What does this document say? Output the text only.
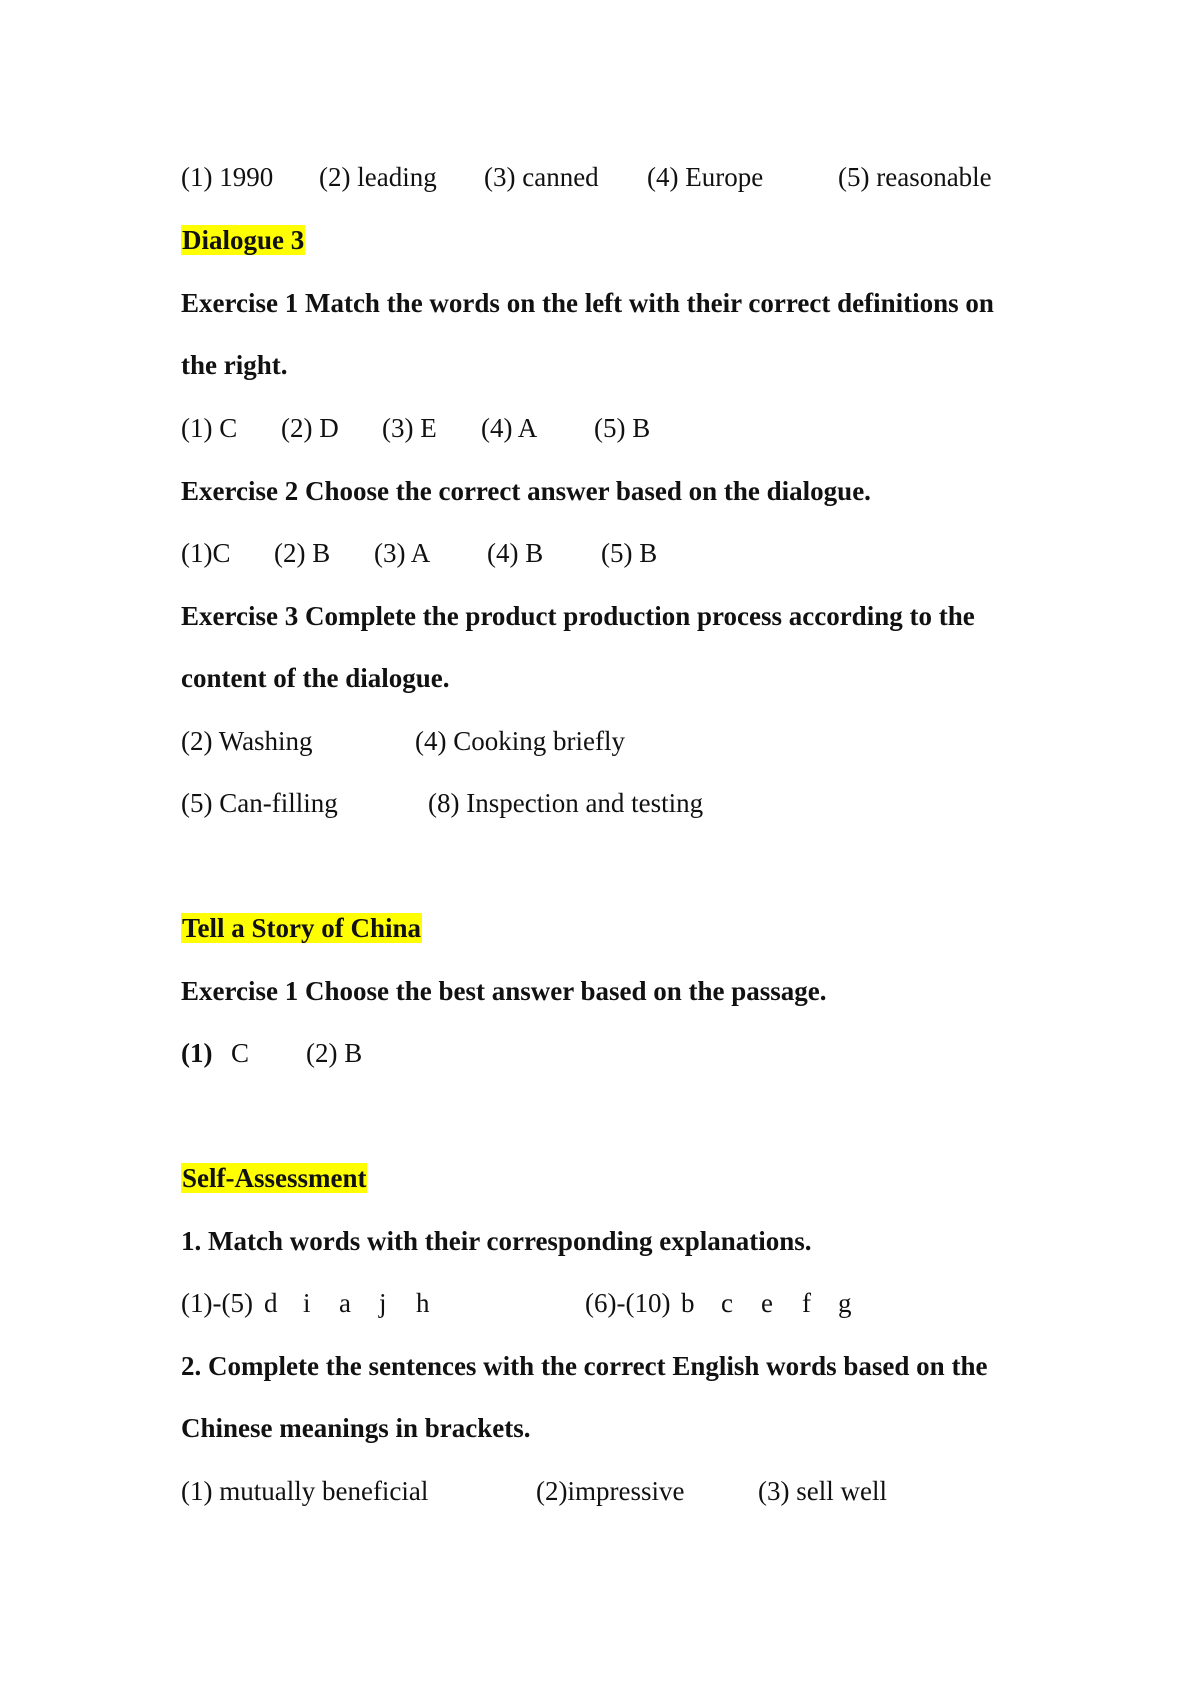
(1) 1990 (2) leading (3) canned (4) Europe	(5) reasonable
Dialogue 3
Exercise 1 Match the words on the left with their correct definitions on
the right.
(1) C (2) D (3) E (4) A (5) B
Exercise 2 Choose the correct answer based on the dialogue.
(1)C (2) B (3) A (4) B (5) B
Exercise 3 Complete the product production process according to the
content of the dialogue.
(2) Washing	(4) Cooking briefly
(5) Can-filling	(8) Inspection and testing
Tell a Story of China
Exercise 1 Choose the best answer based on the passage.
(1) C (2) B
Self-Assessment
1. Match words with their corresponding explanations.
(1)-(5) d i a j h	(6)-(10) b c e f g
2. Complete the sentences with the correct English words based on the
Chinese meanings in brackets.
(1) mutually beneficial	(2)impressive	(3) sell well
